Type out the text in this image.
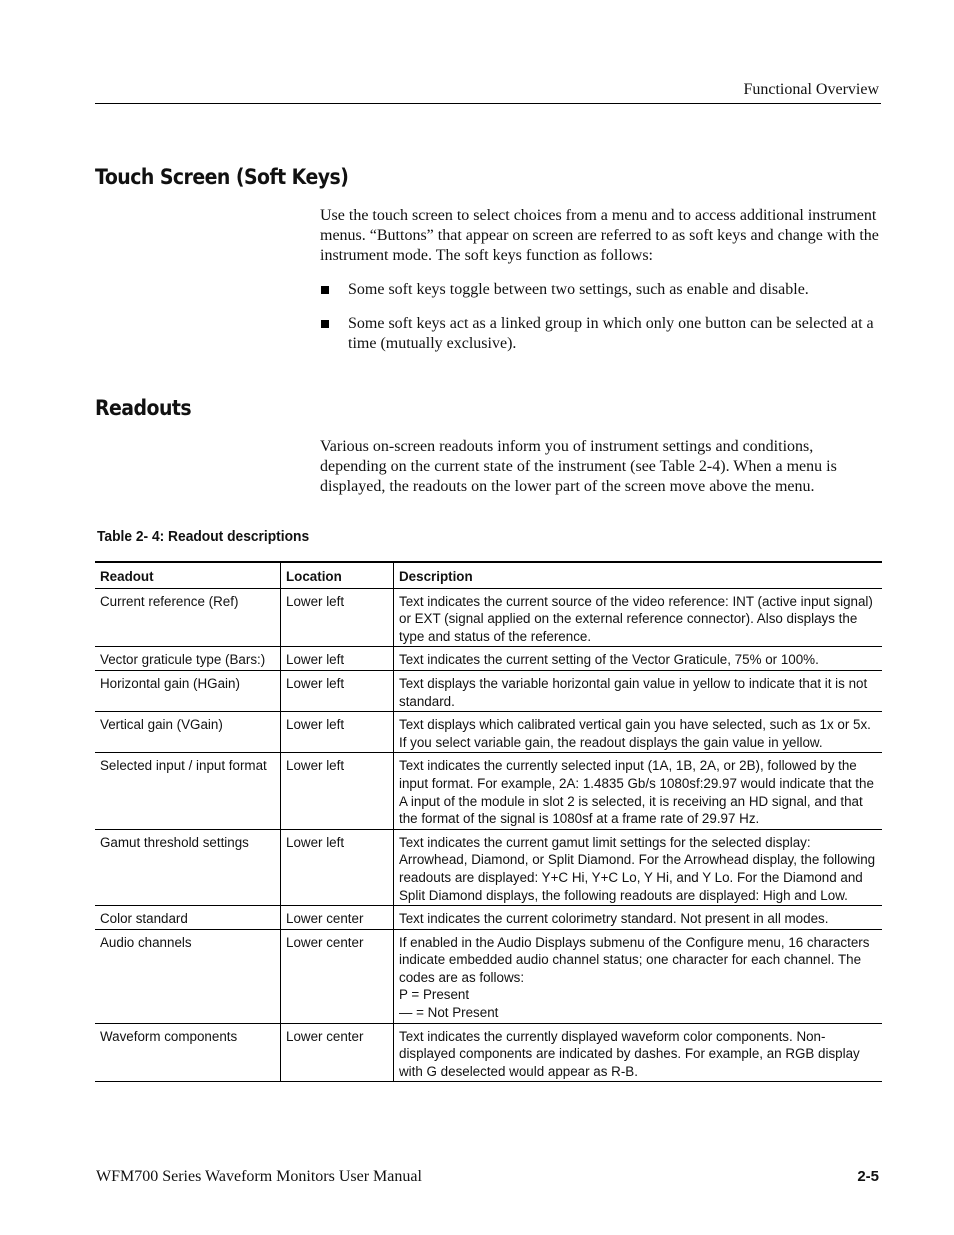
Functional Overview
Touch Screen (Soft Keys)

Use the touch screen to select choices from a menu and to access additional instrument menus. “Buttons” that appear on screen are referred to as soft keys and change with the instrument mode. The soft keys function as follows:

Some soft keys toggle between two settings, such as enable and disable.
Some soft keys act as a linked group in which only one button can be selected at a time (mutually exclusive).
Readouts

Various on-screen readouts inform you of instrument settings and conditions, depending on the current state of the instrument (see Table 2-4). When a menu is displayed, the readouts on the lower part of the screen move above the menu.

Table 2- 4: Readout descriptions
Readout	Location	Description
Current reference (Ref)	Lower left	Text indicates the current source of the video reference: INT (active input signal) or EXT (signal applied on the external reference connector). Also displays the type and status of the reference.

Vector graticule type (Bars:)	Lower left	Text indicates the current setting of the Vector Graticule, 75% or 100%.

Horizontal gain (HGain)	Lower left	Text displays the variable horizontal gain value in yellow to indicate that it is not standard.

Vertical gain (VGain)	Lower left	Text displays which calibrated vertical gain you have selected, such as 1x or 5x. If you select variable gain, the readout displays the gain value in yellow.

Selected input / input format	Lower left	Text indicates the currently selected input (1A, 1B, 2A, or 2B), followed by the input format. For example, 2A: 1.4835 Gb/s 1080sf:29.97 would indicate that the A input of the module in slot 2 is selected, it is receiving an HD signal, and that the format of the signal is 1080sf at a frame rate of 29.97 Hz.

Gamut threshold settings	Lower left	Text indicates the current gamut limit settings for the selected display: Arrowhead, Diamond, or Split Diamond. For the Arrowhead display, the following readouts are displayed: Y+C Hi, Y+C Lo, Y Hi, and Y Lo. For the Diamond and Split Diamond displays, the following readouts are displayed: High and Low.

Color standard	Lower center	Text indicates the current colorimetry standard. Not present in all modes.

Audio channels	Lower center	If enabled in the Audio Displays submenu of the Configure menu, 16 characters indicate embedded audio channel status; one character for each channel. The codes are as follows:
P = Present
— = Not Present

Waveform components	Lower center	Text indicates the currently displayed waveform color components. Non-displayed components are indicated by dashes. For example, an RGB display with G deselected would appear as R-B.
WFM700 Series Waveform Monitors User Manual	2-5
